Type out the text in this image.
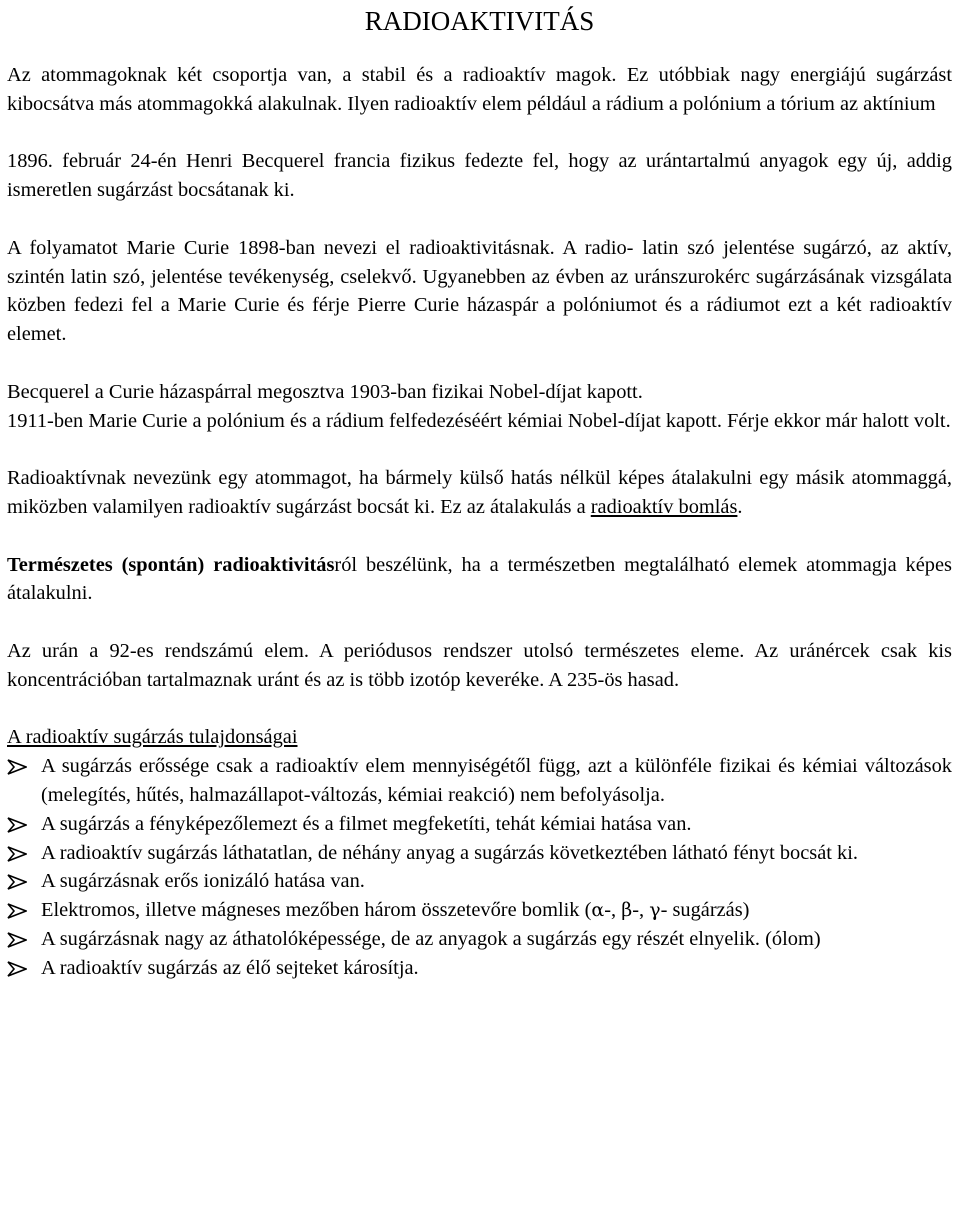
RADIOAKTIVITÁS

Az atommagoknak két csoportja van, a stabil és a radioaktív magok. Ez utóbbiak nagy energiájú sugárzást kibocsátva más atommagokká alakulnak. Ilyen radioaktív elem például a rádium a polónium a tórium az aktínium

1896. február 24-én Henri Becquerel francia fizikus fedezte fel, hogy az urántartalmú anyagok egy új, addig ismeretlen sugárzást bocsátanak ki.

A folyamatot Marie Curie 1898-ban nevezi el radioaktivitásnak. A radio- latin szó jelentése sugárzó, az aktív, szintén latin szó, jelentése tevékenység, cselekvő. Ugyanebben az évben az uránszurokérc sugárzásának vizsgálata közben fedezi fel a Marie Curie és férje Pierre Curie házaspár a polóniumot és a rádiumot ezt a két radioaktív elemet.

Becquerel a Curie házaspárral megosztva 1903-ban fizikai Nobel-díjat kapott.

1911-ben Marie Curie a polónium és a rádium felfedezéséért kémiai Nobel-díjat kapott. Férje ekkor már halott volt.

Radioaktívnak nevezünk egy atommagot, ha bármely külső hatás nélkül képes átalakulni egy másik atommaggá, miközben valamilyen radioaktív sugárzást bocsát ki. Ez az átalakulás a radioaktív bomlás.

Természetes (spontán) radioaktivitásról beszélünk, ha a természetben megtalálható elemek atommagja képes átalakulni.

Az urán a 92-es rendszámú elem. A periódusos rendszer utolsó természetes eleme. Az uránércek csak kis koncentrációban tartalmaznak uránt és az is több izotóp keveréke. A 235-ös hasad.

A radioaktív sugárzás tulajdonságai

A sugárzás erőssége csak a radioaktív elem mennyiségétől függ, azt a különféle fizikai és kémiai változások (melegítés, hűtés, halmazállapot-változás, kémiai reakció) nem befolyásolja.
A sugárzás a fényképezőlemezt és a filmet megfeketíti, tehát kémiai hatása van.
A radioaktív sugárzás láthatatlan, de néhány anyag a sugárzás következtében látható fényt bocsát ki.
A sugárzásnak erős ionizáló hatása van.
Elektromos, illetve mágneses mezőben három összetevőre bomlik (α-, β-, γ- sugárzás)
A sugárzásnak nagy az áthatolóképessége, de az anyagok a sugárzás egy részét elnyelik. (ólom)
A radioaktív sugárzás az élő sejteket károsítja.
